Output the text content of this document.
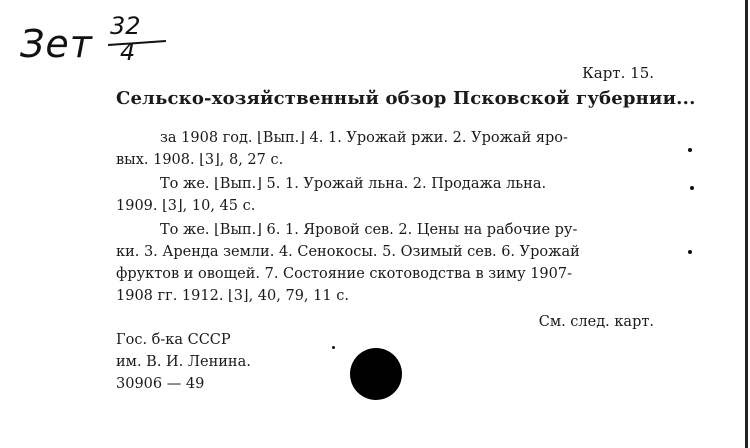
Зет 32
4
Карт. 15.
Сельско-хозяйственный обзор Псковской губернии...
за 1908 год. ⌊Вып.⌋ 4. 1. Урожай ржи. 2. Урожай яро-
вых. 1908. ⌊3⌋, 8, 27 с.
То же. ⌊Вып.⌋ 5. 1. Урожай льна. 2. Продажа льна.
1909. ⌊3⌋, 10, 45 с.
То же. ⌊Вып.⌋ 6. 1. Яровой сев. 2. Цены на рабочие ру-
ки. 3. Аренда земли. 4. Сенокосы. 5. Озимый сев. 6. Урожай
фруктов и овощей. 7. Состояние скотоводства в зиму 1907-
1908 гг. 1912. ⌊3⌋, 40, 79, 11 с.
См. след. карт.
Гос. б-ка СССР
им. В. И. Ленина.
30906 — 49
